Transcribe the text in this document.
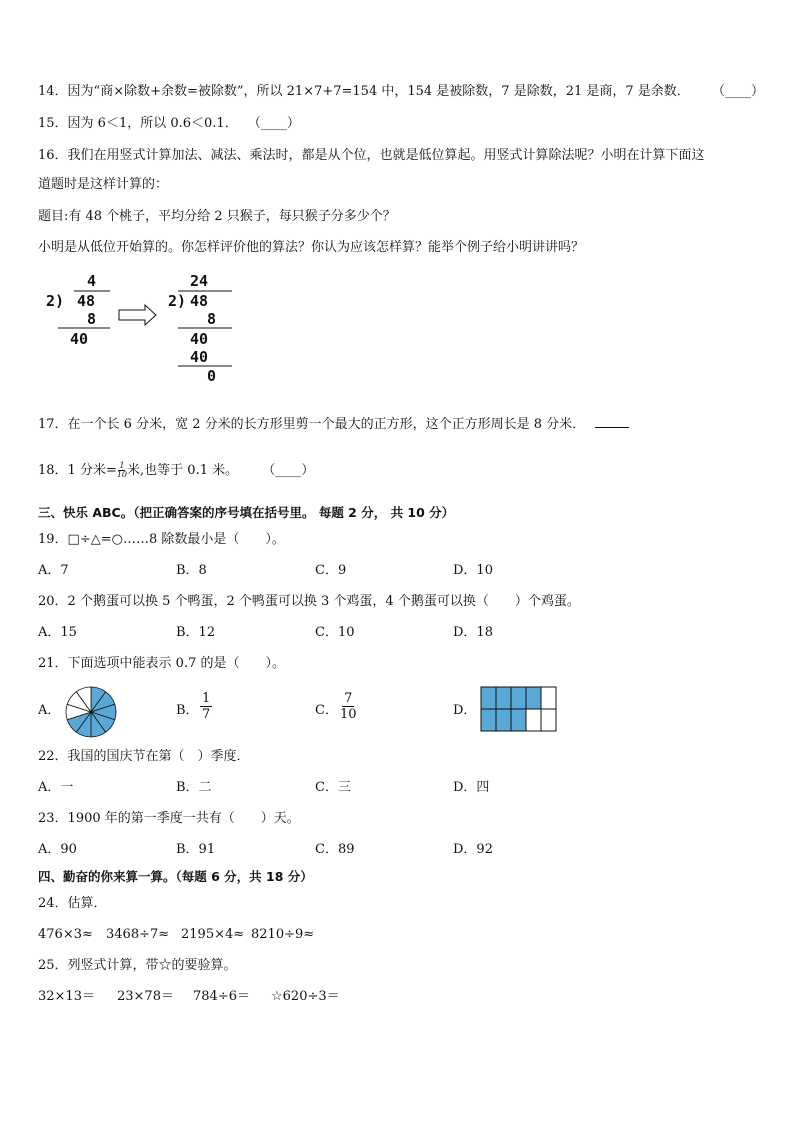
14．因为“商×除数+余数=被除数”，所以 21×7+7=154 中，154 是被除数，7 是除数，21 是商，7 是余数． （____）
15．因为 6＜1，所以 0.6＜0.1． （____）
16．我们在用竖式计算加法、减法、乘法时，都是从个位，也就是低位算起。用竖式计算除法呢？小明在计算下面这
道题时是这样计算的：
题目:有 48 个桃子，平均分给 2 只猴子，每只猴子分多少个？
小明是从低位开始算的。你怎样评价他的算法？你认为应该怎样算？能举个例子给小明讲讲吗？
4
2) 48
8
40
24
2) 48
8
40
40
0
17．在一个长 6 分米，宽 2 分米的长方形里剪一个最大的正方形，这个正方形周长是 8 分米．
18．1 分米= $\frac{1}{10}$ 米,也等于 0.1 米。 （____）
三、快乐 ABC。（把正确答案的序号填在括号里。 每题 2 分， 共 10 分）
19．□÷△=○……8 除数最小是（　　）。
A．7	B．8	C．9	D．10
20．2 个鹅蛋可以换 5 个鸭蛋，2 个鸭蛋可以换 3 个鸡蛋，4 个鹅蛋可以换（　　）个鸡蛋。
A．15	B．12	C．10	D．18
21．下面选项中能表示 0.7 的是（　　）。
A．	B． $\frac{1}{7}$	C． $\frac{7}{10}$	D．
22．我国的国庆节在第（　）季度．
A．一	B．二	C．三	D．四
23．1900 年的第一季度一共有（　　）天。
A．90	B．91	C．89	D．92
四、勤奋的你来算一算。（每题 6 分，共 18 分）
24．估算．
476×3≈ 3468÷7≈ 2195×4≈ 8210÷9≈
25．列竖式计算，带☆的要验算。
32×13＝ 23×78＝ 784÷6＝ ☆620÷3＝
